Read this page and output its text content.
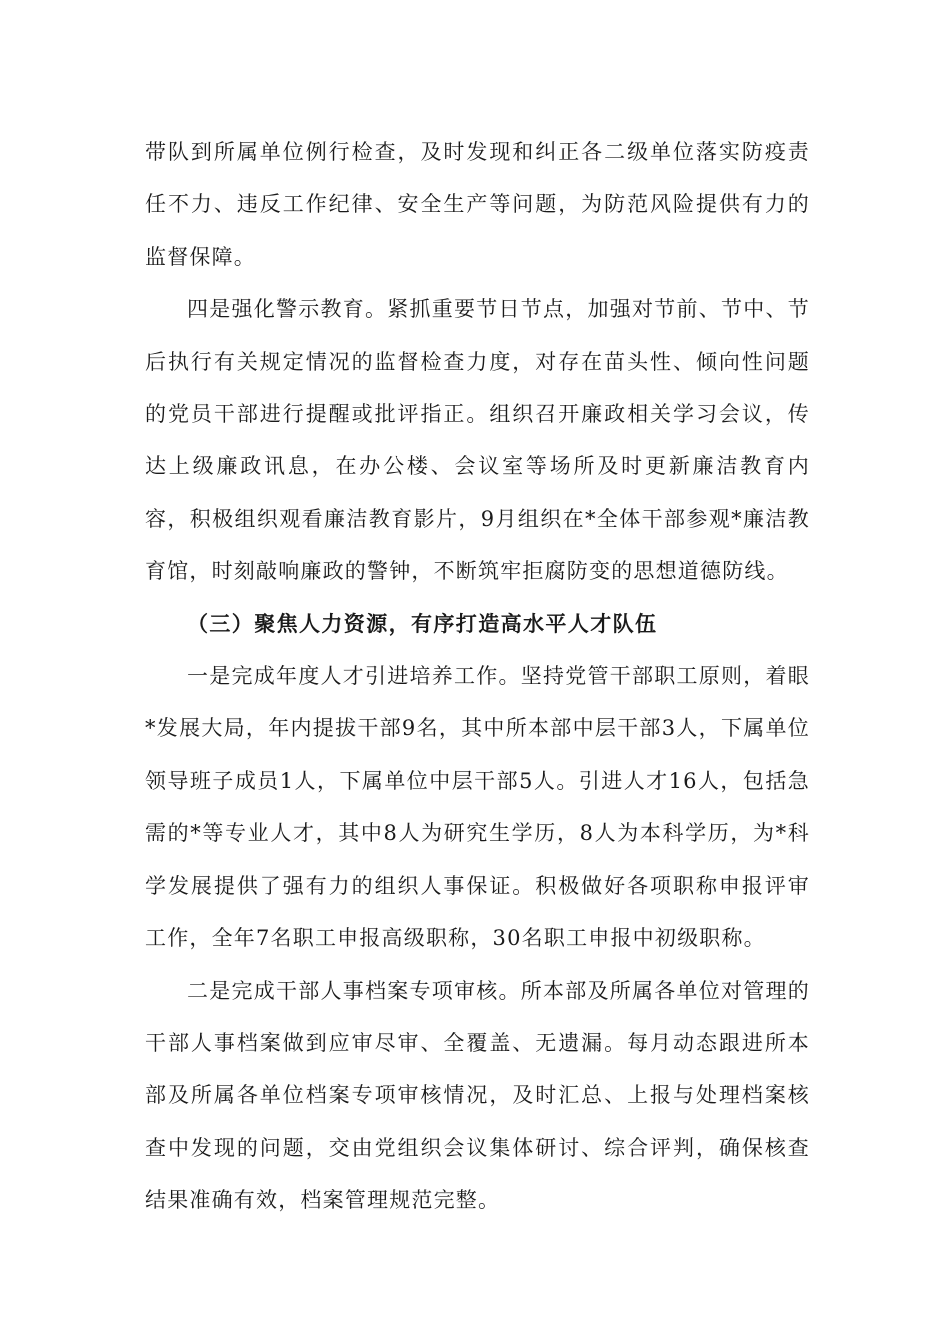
带队到所属单位例行检查，及时发现和纠正各二级单位落实防疫责任不力、违反工作纪律、安全生产等问题，为防范风险提供有力的监督保障。

四是强化警示教育。紧抓重要节日节点，加强对节前、节中、节后执行有关规定情况的监督检查力度，对存在苗头性、倾向性问题的党员干部进行提醒或批评指正。组织召开廉政相关学习会议，传达上级廉政讯息，在办公楼、会议室等场所及时更新廉洁教育内容，积极组织观看廉洁教育影片，9月组织在*全体干部参观*廉洁教育馆，时刻敲响廉政的警钟，不断筑牢拒腐防变的思想道德防线。

（三）聚焦人力资源，有序打造高水平人才队伍

一是完成年度人才引进培养工作。坚持党管干部职工原则，着眼*发展大局，年内提拔干部9名，其中所本部中层干部3人，下属单位领导班子成员1人，下属单位中层干部5人。引进人才16人，包括急需的*等专业人才，其中8人为研究生学历，8人为本科学历，为*科学发展提供了强有力的组织人事保证。积极做好各项职称申报评审工作，全年7名职工申报高级职称，30名职工申报中初级职称。

二是完成干部人事档案专项审核。所本部及所属各单位对管理的干部人事档案做到应审尽审、全覆盖、无遗漏。每月动态跟进所本部及所属各单位档案专项审核情况，及时汇总、上报与处理档案核查中发现的问题，交由党组织会议集体研讨、综合评判，确保核查结果准确有效，档案管理规范完整。
